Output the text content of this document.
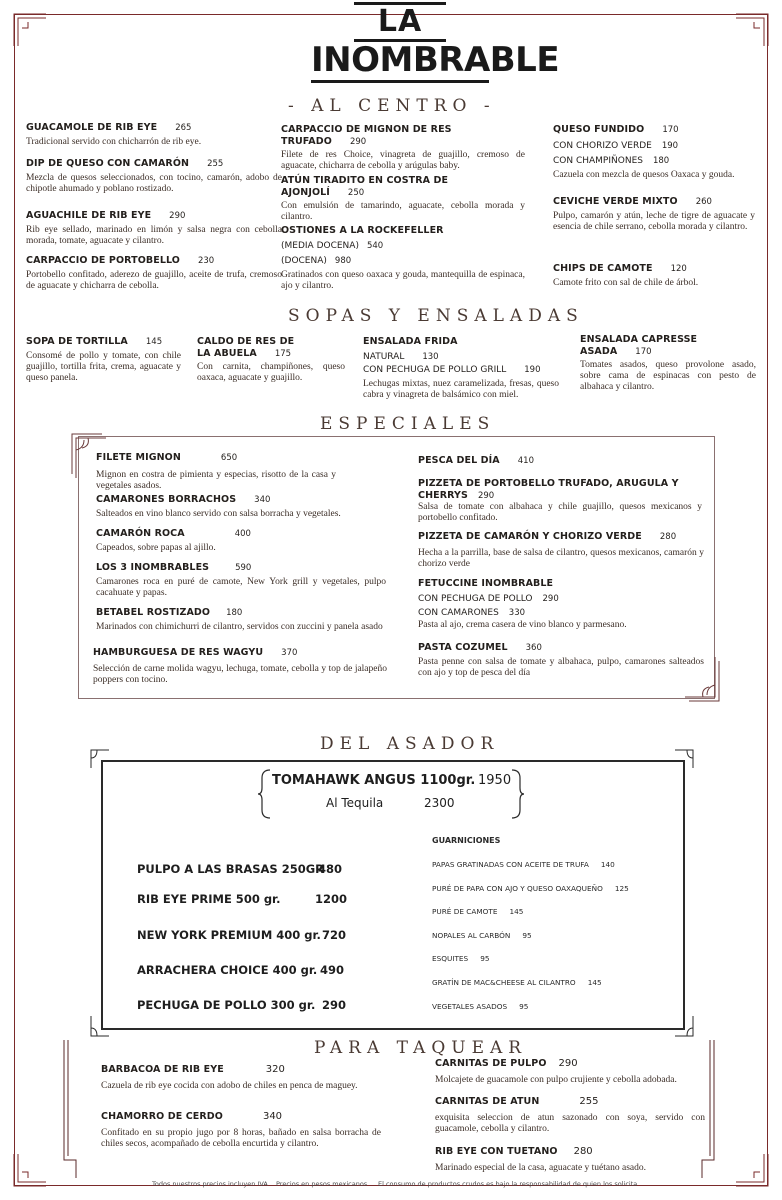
LA
INOMBRABLE
- AL CENTRO -
GUACAMOLE DE RIB EYE 265
Tradicional servido con chicharrón de rib eye.
DIP DE QUESO CON CAMARÓN 255
Mezcla de quesos seleccionados, con tocino, camarón, adobo de chipotle ahumado y poblano rostizado.
AGUACHILE DE RIB EYE 290
Rib eye sellado, marinado en limón y salsa negra con cebolla morada, tomate, aguacate y cilantro.
CARPACCIO DE PORTOBELLO 230
Portobello confitado, aderezo de guajillo, aceite de trufa, cremoso de aguacate y chicharra de cebolla.
CARPACCIO DE MIGNON DE RES TRUFADO 290
Filete de res Choice, vinagreta de guajillo, cremoso de aguacate, chicharra de cebolla y arúgulas baby.
ATÚN TIRADITO EN COSTRA DE AJONJOLÍ 250
Con emulsión de tamarindo, aguacate, cebolla morada y cilantro.
OSTIONES A LA ROCKEFELLER
(MEDIA DOCENA) 540
(DOCENA) 980
Gratinados con queso oaxaca y gouda, mantequilla de espinaca, ajo y cilantro.
QUESO FUNDIDO 170
CON CHORIZO VERDE 190
CON CHAMPIÑONES 180
Cazuela con mezcla de quesos Oaxaca y gouda.
CEVICHE VERDE MIXTO 260
Pulpo, camarón y atún, leche de tigre de aguacate y esencia de chile serrano, cebolla morada y cilantro.
CHIPS DE CAMOTE 120
Camote frito con sal de chile de árbol.
SOPAS Y ENSALADAS
SOPA DE TORTILLA 145
Consomé de pollo y tomate, con chile guajillo, tortilla frita, crema, aguacate y queso panela.
CALDO DE RES DE
LA ABUELA 175
Con carnita, champiñones, queso oaxaca, aguacate y guajillo.
ENSALADA FRIDA
NATURAL 130
CON PECHUGA DE POLLO GRILL 190
Lechugas mixtas, nuez caramelizada, fresas, queso cabra y vinagreta de balsámico con miel.
ENSALADA CAPRESSE ASADA 170
Tomates asados, queso provolone asado, sobre cama de espinacas con pesto de albahaca y cilantro.
ESPECIALES
FILETE MIGNON	650
Mignon en costra de pimienta y especias, risotto de la casa y vegetales asados.
CAMARONES BORRACHOS 340
Salteados en vino blanco servido con salsa borracha y vegetales.
CAMARÓN ROCA	400
Capeados, sobre papas al ajillo.
LOS 3 INOMBRABLES	590
Camarones roca en puré de camote, New York grill y vegetales, pulpo cacahuate y papas.
BETABEL ROSTIZADO 180
Marinados con chimichurri de cilantro, servidos con zuccini y panela asado
HAMBURGUESA DE RES WAGYU 370
Selección de carne molida wagyu, lechuga, tomate, cebolla y top de jalapeño poppers con tocino.
PESCA DEL DÍA 410
PIZZETA DE PORTOBELLO TRUFADO, ARUGULA Y
CHERRYS 290
Salsa de tomate con albahaca y chile guajillo, quesos mexicanos y portobello confitado.
PIZZETA DE CAMARÓN Y CHORIZO VERDE 280
Hecha a la parrilla, base de salsa de cilantro, quesos mexicanos, camarón y chorizo verde
FETUCCINE INOMBRABLE
CON PECHUGA DE POLLO 290
CON CAMARONES 330
Pasta al ajo, crema casera de vino blanco y parmesano.
PASTA COZUMEL 360
Pasta penne con salsa de tomate y albahaca, pulpo, camarones salteados con ajo y top de pesca del día
DEL ASADOR
TOMAHAWK ANGUS 1100gr. 1950
Al Tequila	2300
PULPO A LAS BRASAS 250GR
480
RIB EYE PRIME 500 gr.	1200
NEW YORK PREMIUM 400 gr. 720
ARRACHERA CHOICE 400 gr. 490
PECHUGA DE POLLO 300 gr. 290
GUARNICIONES
PAPAS GRATINADAS CON ACEITE DE TRUFA 140
PURÉ DE PAPA CON AJO Y QUESO OAXAQUEÑO 125
PURÉ DE CAMOTE 145
NOPALES AL CARBÓN 95
ESQUITES 95
GRATÍN DE MAC&CHEESE AL CILANTRO 145
VEGETALES ASADOS 95
PARA TAQUEAR
BARBACOA DE RIB EYE	320
Cazuela de rib eye cocida con adobo de chiles en penca de maguey.
CHAMORRO DE CERDO	340
Confitado en su propio jugo por 8 horas, bañado en salsa borracha de chiles secos, acompañado de cebolla encurtida y cilantro.
CARNITAS DE PULPO 290
Molcajete de guacamole con pulpo crujiente y cebolla adobada.
CARNITAS DE ATUN	255
exquisita seleccion de atun sazonado con soya, servido con guacamole, cebolla y cilantro.
RIB EYE CON TUETANO 280
Marinado especial de la casa, aguacate y tuétano asado.
Todos nuestros precios incluyen IVA Precios en pesos mexicanos El consumo de productos crudos es bajo la responsabilidad de quien los solicita
